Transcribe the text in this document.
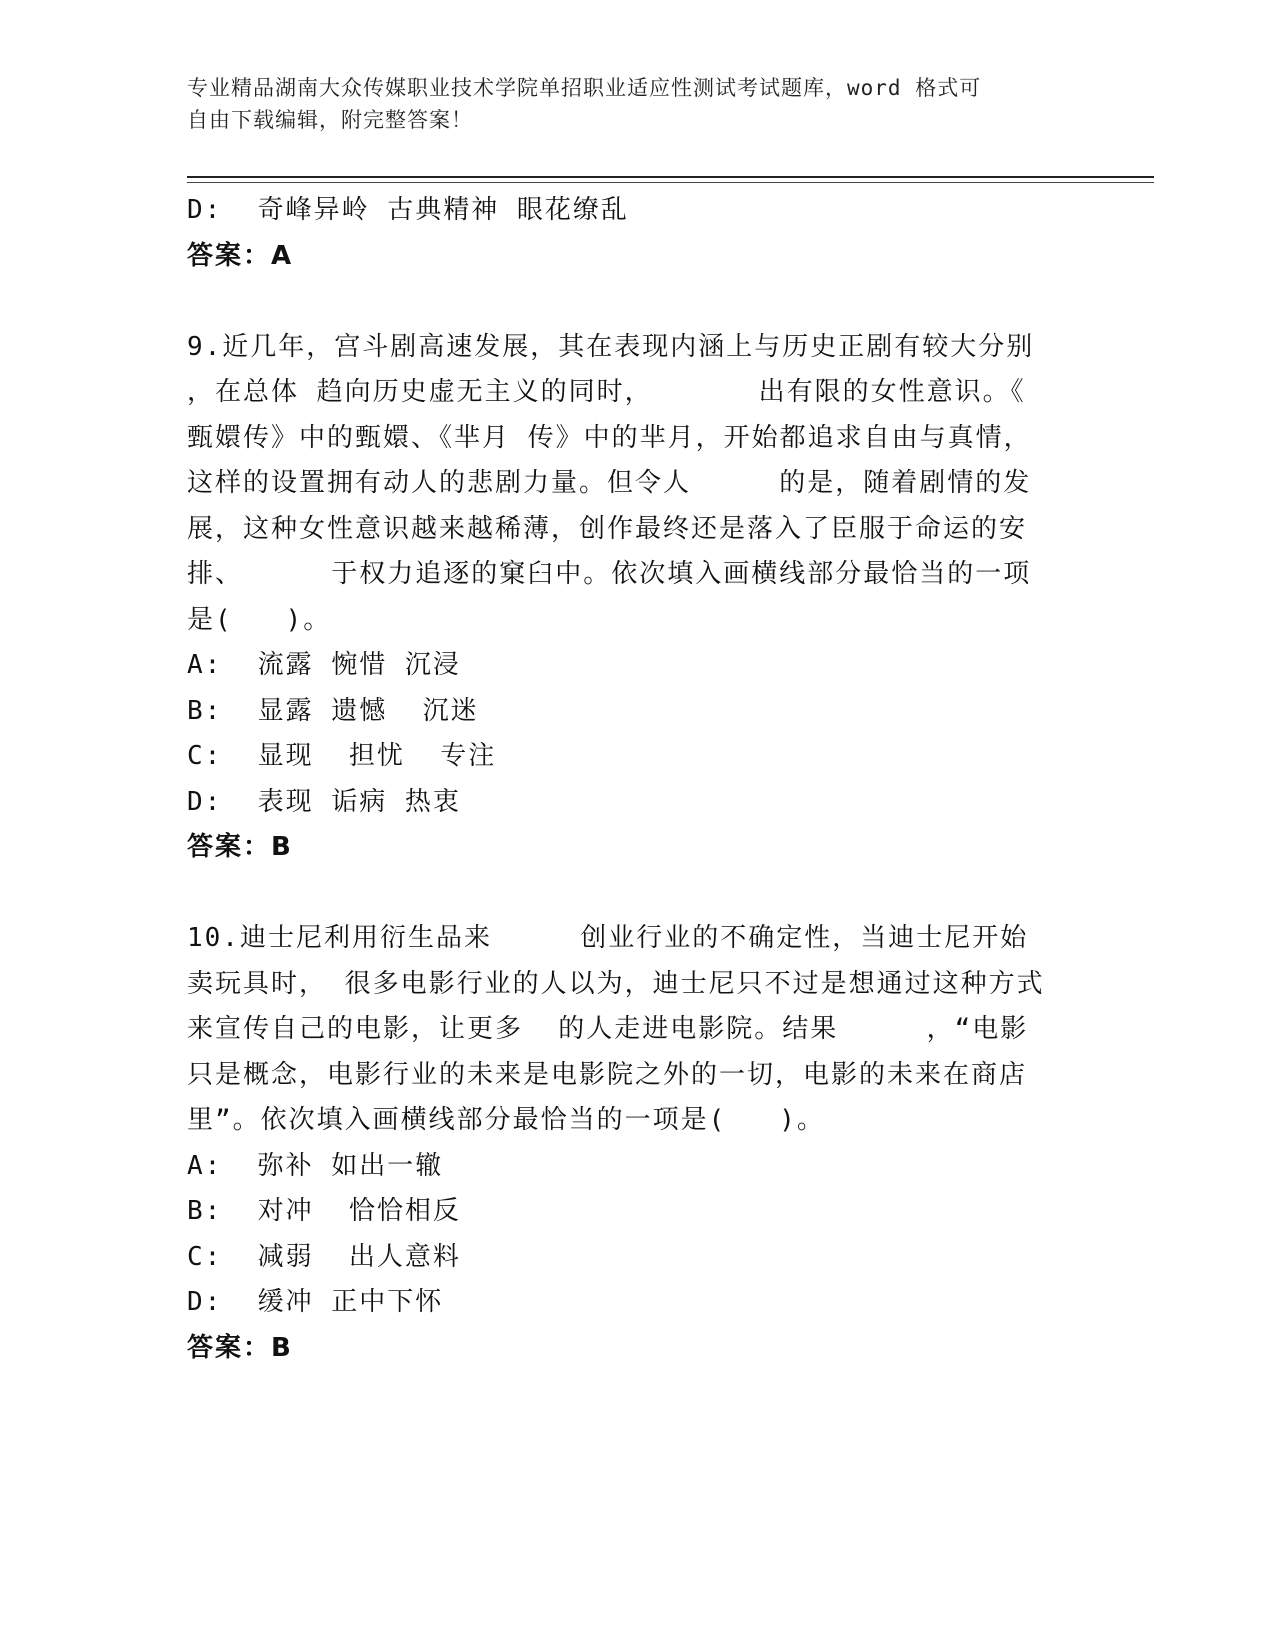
专业精品湖南大众传媒职业技术学院单招职业适应性测试考试题库，word 格式可
自由下载编辑，附完整答案！
D:  奇峰异岭 古典精神 眼花缭乱
答案：A
9.近几年，宫斗剧高速发展，其在表现内涵上与历史正剧有较大分别
，在总体 趋向历史虚无主义的同时，      出有限的女性意识。《
甄嬛传》中的甄嬛、《芈月 传》中的芈月，开始都追求自由与真情，
这样的设置拥有动人的悲剧力量。但令人     的是，随着剧情的发
展，这种女性意识越来越稀薄，创作最终还是落入了臣服于命运的安
排、     于权力追逐的窠臼中。依次填入画横线部分最恰当的一项
是(   )。
A:  流露 惋惜 沉浸
B:  显露 遗憾  沉迷
C:  显现  担忧  专注
D:  表现 诟病 热衷
答案：B
10.迪士尼利用衍生品来     创业行业的不确定性，当迪士尼开始
卖玩具时， 很多电影行业的人以为，迪士尼只不过是想通过这种方式
来宣传自己的电影，让更多  的人走进电影院。结果     ，“电影
只是概念，电影行业的未来是电影院之外的一切，电影的未来在商店
里”。依次填入画横线部分最恰当的一项是(   )。
A:  弥补 如出一辙
B:  对冲  恰恰相反
C:  减弱  出人意料
D:  缓冲 正中下怀
答案：B
